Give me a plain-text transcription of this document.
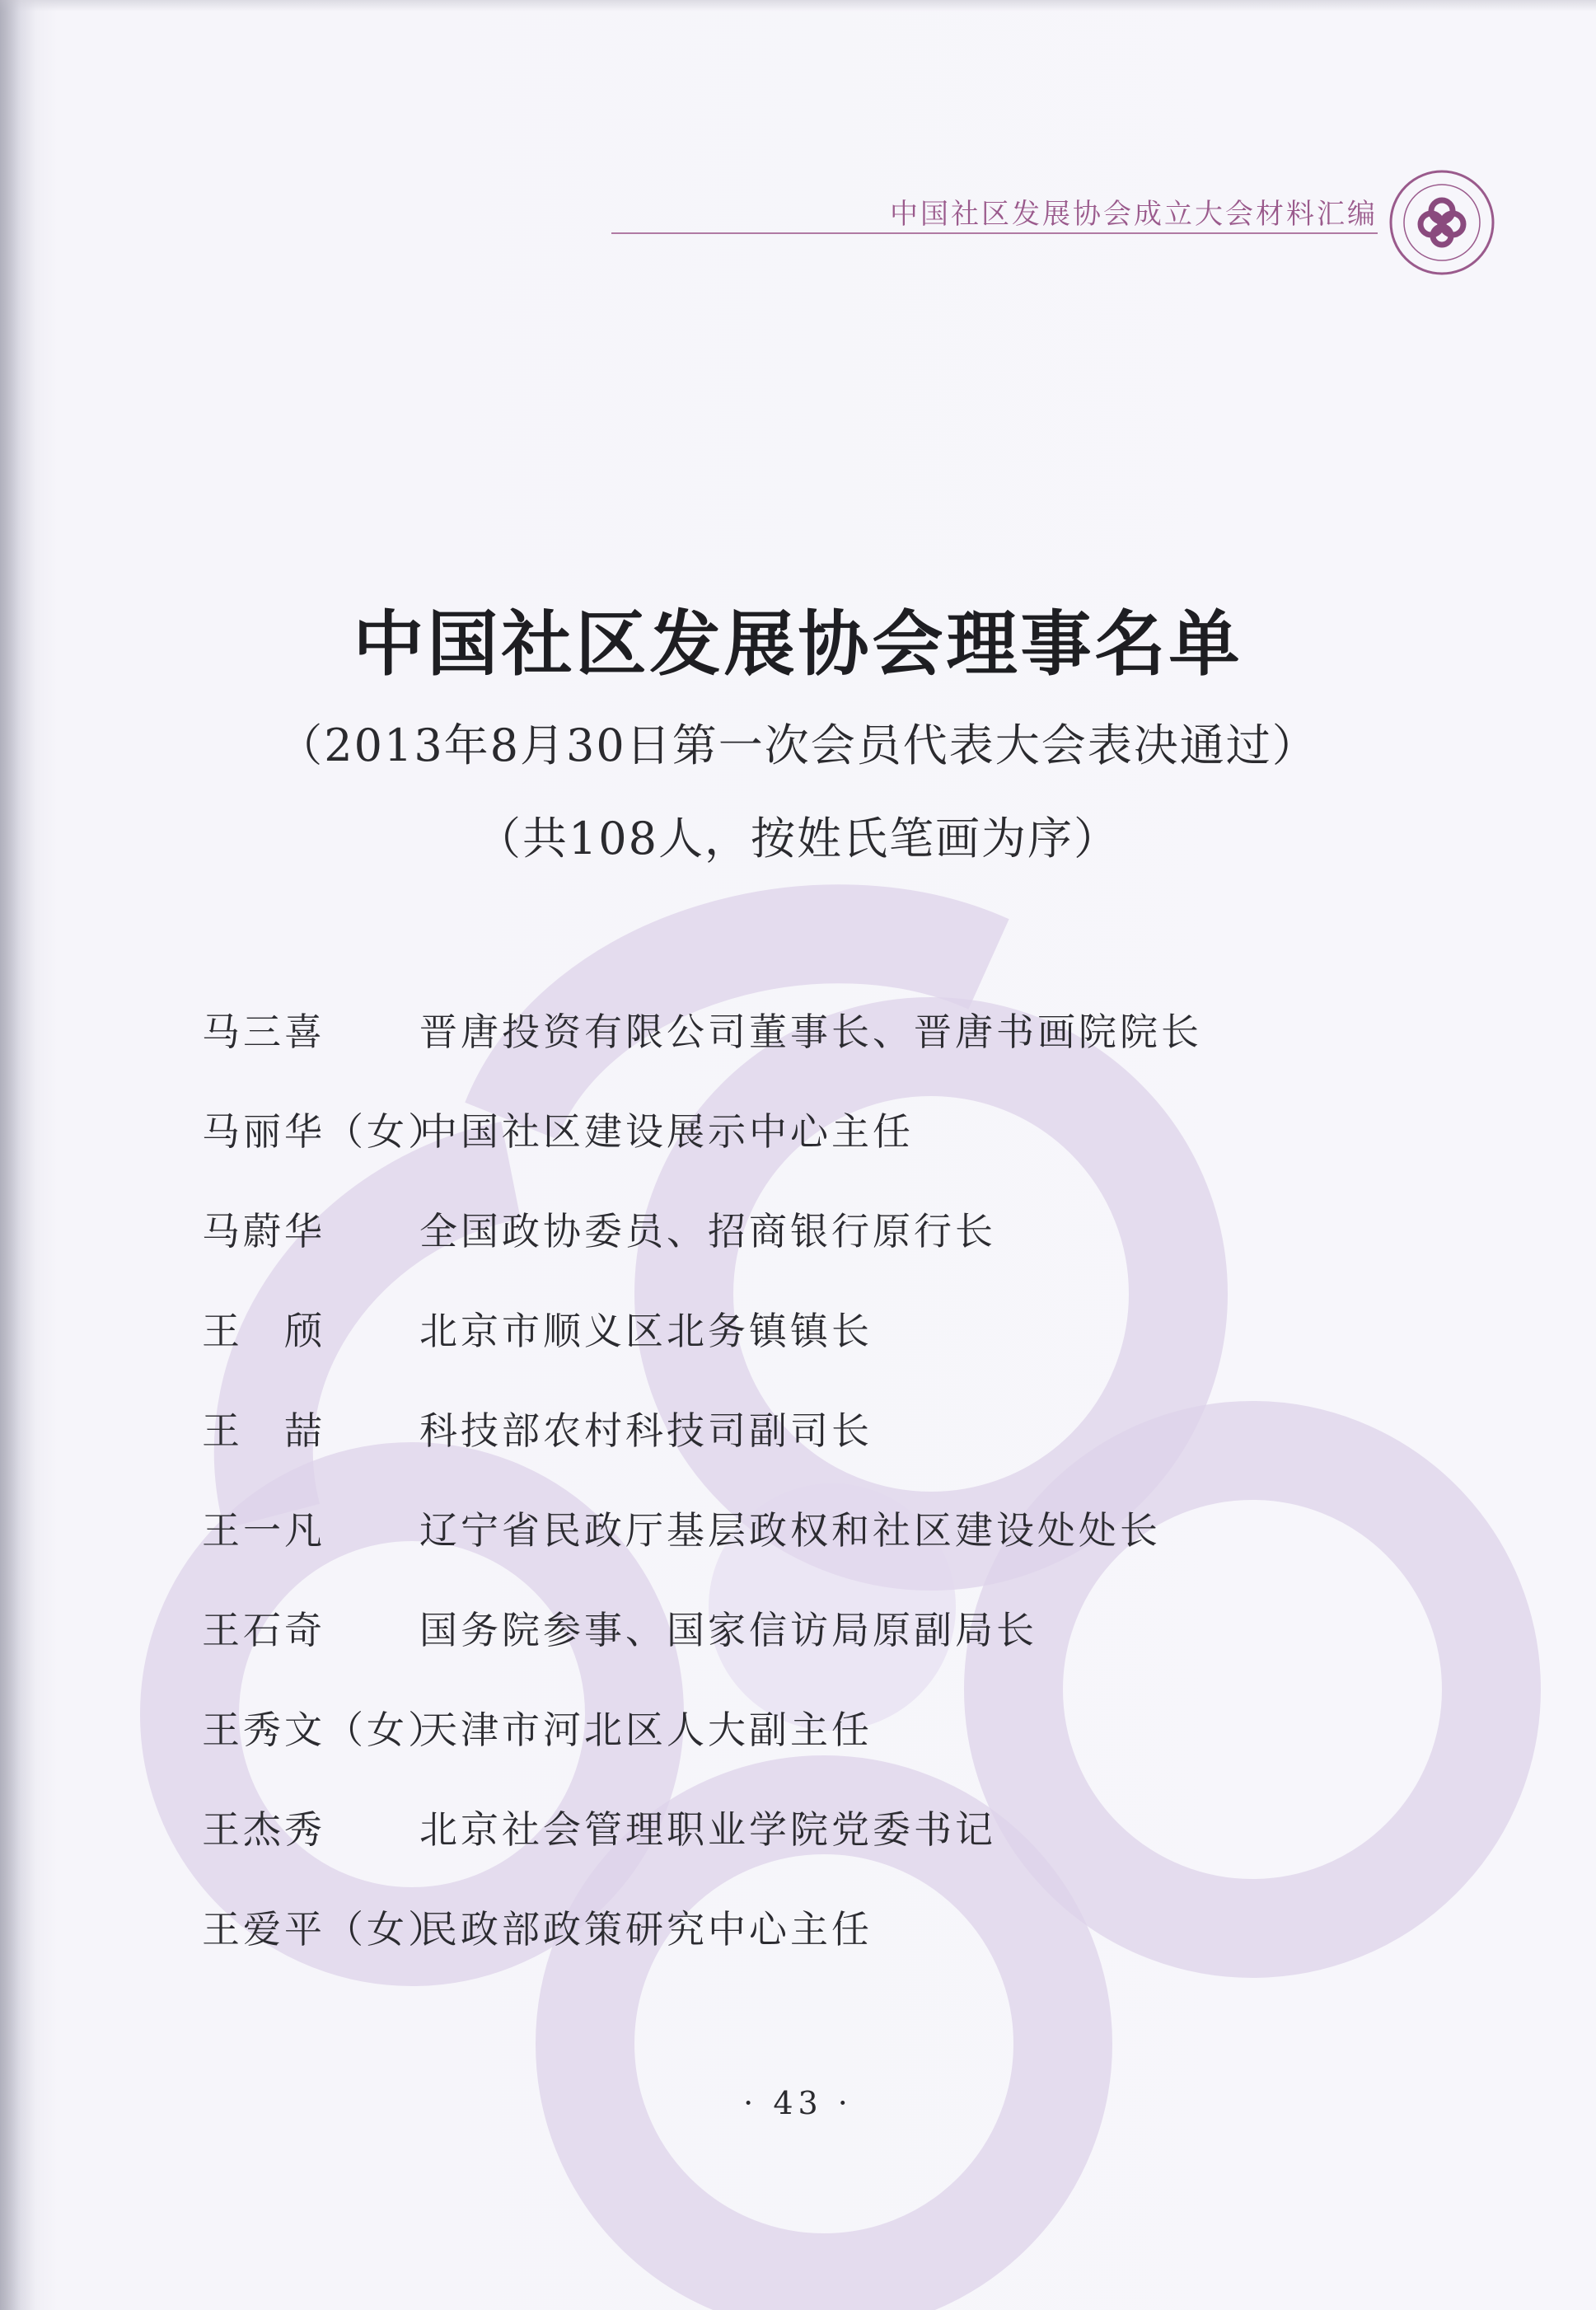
中国社区发展协会成立大会材料汇编
中国社区发展协会理事名单
（2013年8月30日第一次会员代表大会表决通过）
（共108人，按姓氏笔画为序）
马三喜 晋唐投资有限公司董事长、晋唐书画院院长
马丽华（女）
中国社区建设展示中心主任
马蔚华 全国政协委员、招商银行原行长
王　颀 北京市顺义区北务镇镇长
王　喆 科技部农村科技司副司长
王一凡 辽宁省民政厅基层政权和社区建设处处长
王石奇 国务院参事、国家信访局原副局长
王秀文（女）
天津市河北区人大副主任
王杰秀 北京社会管理职业学院党委书记
王爱平（女）
民政部政策研究中心主任
· 43 ·
